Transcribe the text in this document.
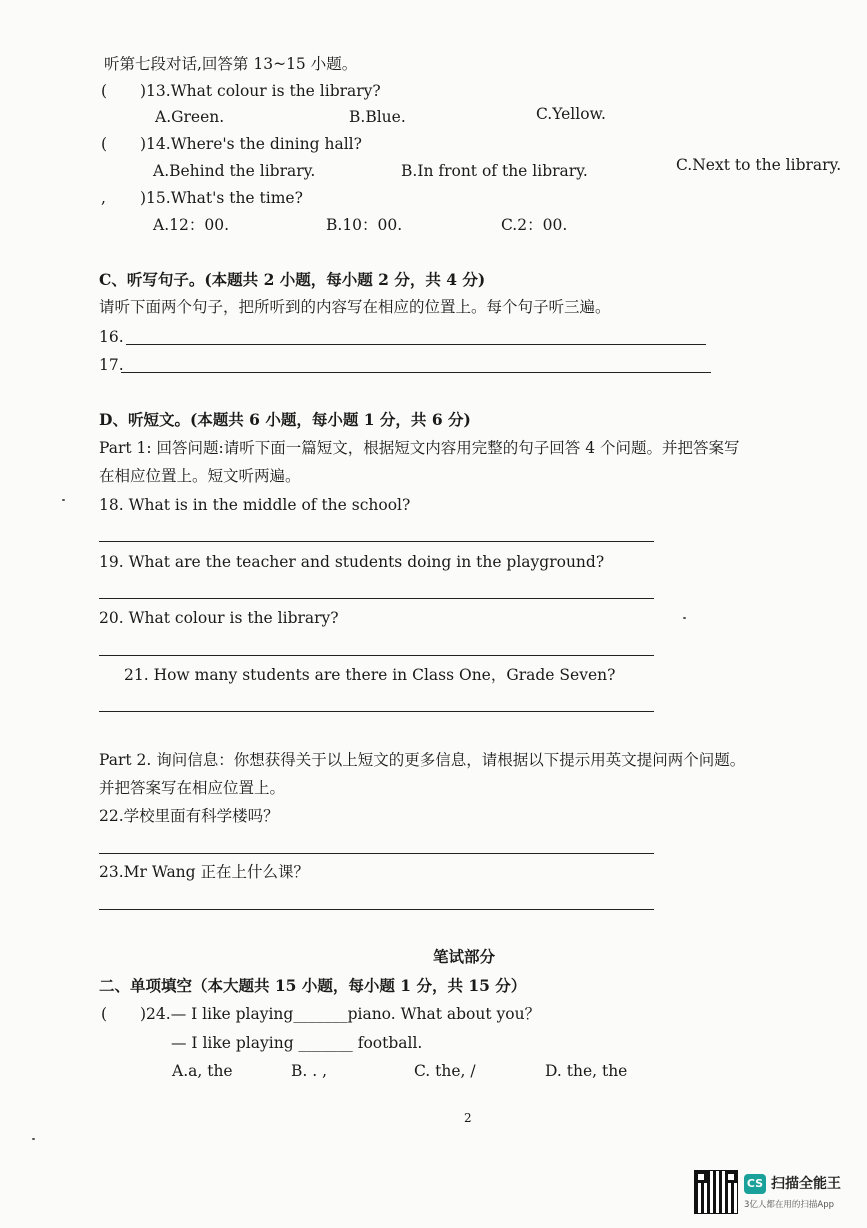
听第七段对话,回答第 13~15 小题。
( )13.What colour is the library?
A.Green.	B.Blue.	C.Yellow.
( )14.Where's the dining hall?
A.Behind the library.	B.In front of the library.	C.Next to the library.
, )15.What's the time?
A.12：00.	B.10：00.	C.2：00.
C、听写句子。(本题共 2 小题，每小题 2 分，共 4 分)
请听下面两个句子，把所听到的内容写在相应的位置上。每个句子听三遍。
16.
17.
D、听短文。(本题共 6 小题，每小题 1 分，共 6 分)
Part 1: 回答问题:请听下面一篇短文，根据短文内容用完整的句子回答 4 个问题。并把答案写
在相应位置上。短文听两遍。
18. What is in the middle of the school?
19. What are the teacher and students doing in the playground?
20. What colour is the library?
21. How many students are there in Class One，Grade Seven?
Part 2. 询问信息：你想获得关于以上短文的更多信息，请根据以下提示用英文提问两个问题。
并把答案写在相应位置上。
22.学校里面有科学楼吗？
23.Mr Wang 正在上什么课？
笔试部分
二、单项填空（本大题共 15 小题，每小题 1 分，共 15 分）
( )24.— I like playing_______piano. What about you？
— I like playing _______ football.
A.a, the	B. . ,	C. the, /	D. the, the
2
CS 扫描全能王
3亿人都在用的扫描App
